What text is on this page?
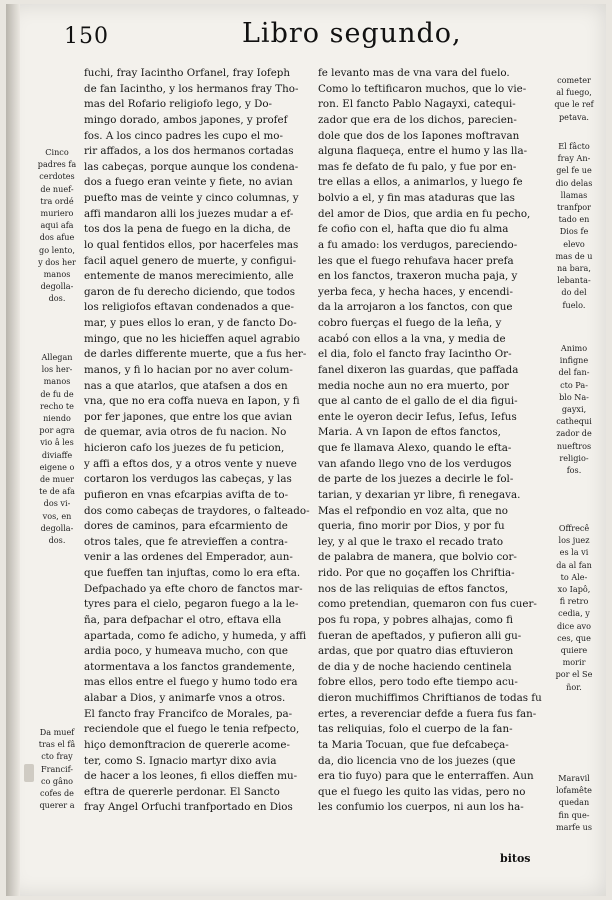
150	Libro segundo,
Cinco
padres fa
cerdotes
de nuef-
tra ordé
muriero
aqui afa
dos afue
go lento,
y dos her
manos
degolla-
dos.
Allegan
los her-
manos
de fu de
recho te
niendo
por agra
vio â les
diviaffe
eigene o
de muer
te de afa
dos vi-
vos, en
degolla-
dos.
Da muef
tras el fâ
cto fray
Francif-
co gâno
cofes de
querer a
fuchi, fray Iacintho Orfanel, fray Iofeph
de fan Iacintho, y los hermanos fray Tho-
mas del Rofario religiofo lego, y Do-
mingo dorado, ambos japones, y profef
fos. A los cinco padres les cupo el mo-
rir affados, a los dos hermanos cortadas
las cabeças, porque aunque los condena-
dos a fuego eran veinte y fiete, no avian
puefto mas de veinte y cinco columnas, y
affi mandaron alli los juezes mudar a ef-
tos dos la pena de fuego en la dicha, de
lo qual fentidos ellos, por hacerfeles mas
facil aquel genero de muerte, y configui-
entemente de manos merecimiento, alle
garon de fu derecho diciendo, que todos
los religiofos eftavan condenados a que-
mar, y pues ellos lo eran, y de fancto Do-
mingo, que no les hicieffen aquel agrabio
de darles differente muerte, que a fus her-
manos, y fi lo hacian por no aver colum-
nas a que atarlos, que atafsen a dos en
vna, que no era coffa nueva en Iapon, y fi
por fer japones, que entre los que avian
de quemar, avia otros de fu nacion. No
hicieron cafo los juezes de fu peticion,
y affi a eftos dos, y a otros vente y nueve
cortaron los verdugos las cabeças, y las
pufieron en vnas efcarpias avifta de to-
dos como cabeças de traydores, o falteado-
dores de caminos, para efcarmiento de
otros tales, que fe atrevieffen a contra-
venir a las ordenes del Emperador, aun-
que fueffen tan injuftas, como lo era efta.
Defpachado ya efte choro de fanctos mar-
tyres para el cielo, pegaron fuego a la le-
ña, para defpachar el otro, eftava ella
apartada, como fe adicho, y humeda, y affi
ardia poco, y humeava mucho, con que
atormentava a los fanctos grandemente,
mas ellos entre el fuego y humo todo era
alabar a Dios, y animarfe vnos a otros.
El fancto fray Francifco de Morales, pa-
reciendole que el fuego le tenia refpecto,
hiço demonftracion de quererle acome-
ter, como S. Ignacio martyr dixo avia
de hacer a los leones, fi ellos dieffen mu-
eftra de quererle perdonar. El Sancto
fray Angel Orfuchi tranfportado en Dios
fe levanto mas de vna vara del fuelo.
Como lo teftificaron muchos, que lo vie-
ron. El fancto Pablo Nagayxi, catequi-
zador que era de los dichos, parecien-
dole que dos de los Iapones moftravan
alguna flaqueça, entre el humo y las lla-
mas fe defato de fu palo, y fue por en-
tre ellas a ellos, a animarlos, y luego fe
bolvio a el, y fin mas ataduras que las
del amor de Dios, que ardia en fu pecho,
fe cofio con el, hafta que dio fu alma
a fu amado: los verdugos, pareciendo-
les que el fuego rehufava hacer prefa
en los fanctos, traxeron mucha paja, y
yerba feca, y hecha haces, y encendi-
da la arrojaron a los fanctos, con que
cobro fuerças el fuego de la leña, y
acabó con ellos a la vna, y media de
el dia, folo el fancto fray Iacintho Or-
fanel dixeron las guardas, que paffada
media noche aun no era muerto, por
que al canto de el gallo de el dia figui-
ente le oyeron decir Iefus, Iefus, Iefus
Maria. A vn Iapon de eftos fanctos,
que fe llamava Alexo, quando le efta-
van afando llego vno de los verdugos
de parte de los juezes a decirle le fol-
tarian, y dexarian yr libre, fi renegava.
Mas el refpondio en voz alta, que no
queria, fino morir por Dios, y por fu
ley, y al que le traxo el recado trato
de palabra de manera, que bolvio cor-
rido. Por que no goçaffen los Chriftia-
nos de las reliquias de eftos fanctos,
como pretendian, quemaron con fus cuer-
pos fu ropa, y pobres alhajas, como fi
fueran de apeftados, y pufieron alli gu-
ardas, que por quatro dias eftuvieron
de dia y de noche haciendo centinela
fobre ellos, pero todo efte tiempo acu-
dieron muchiffimos Chriftianos de todas fu
ertes, a reverenciar defde a fuera fus fan-
tas reliquias, folo el cuerpo de la fan-
ta Maria Tocuan, que fue defcabeça-
da, dio licencia vno de los juezes (que
era tio fuyo) para que le enterraffen. Aun
que el fuego les quito las vidas, pero no
les confumio los cuerpos, ni aun los ha-
cometer
al fuego,
que le ref
petava.
El fâcto
fray An-
gel fe ue
dio delas
llamas
tranfpor
tado en
Dios fe
elevo
mas de u
na bara,
lebanta-
do del
fuelo.
Animo
infigne
del fan-
cto Pa-
blo Na-
gayxi,
cathequi
zador de
nueftros
religio-
fos.
Offrecê
los juez
es la vi
da al fan
to Ale-
xo Iapô,
fi retro
cedia, y
dice avo
ces, que
quiere
morir
por el Se
ñor.
Maravil
lofamête
quedan
fin que-
marfe us
bitos
